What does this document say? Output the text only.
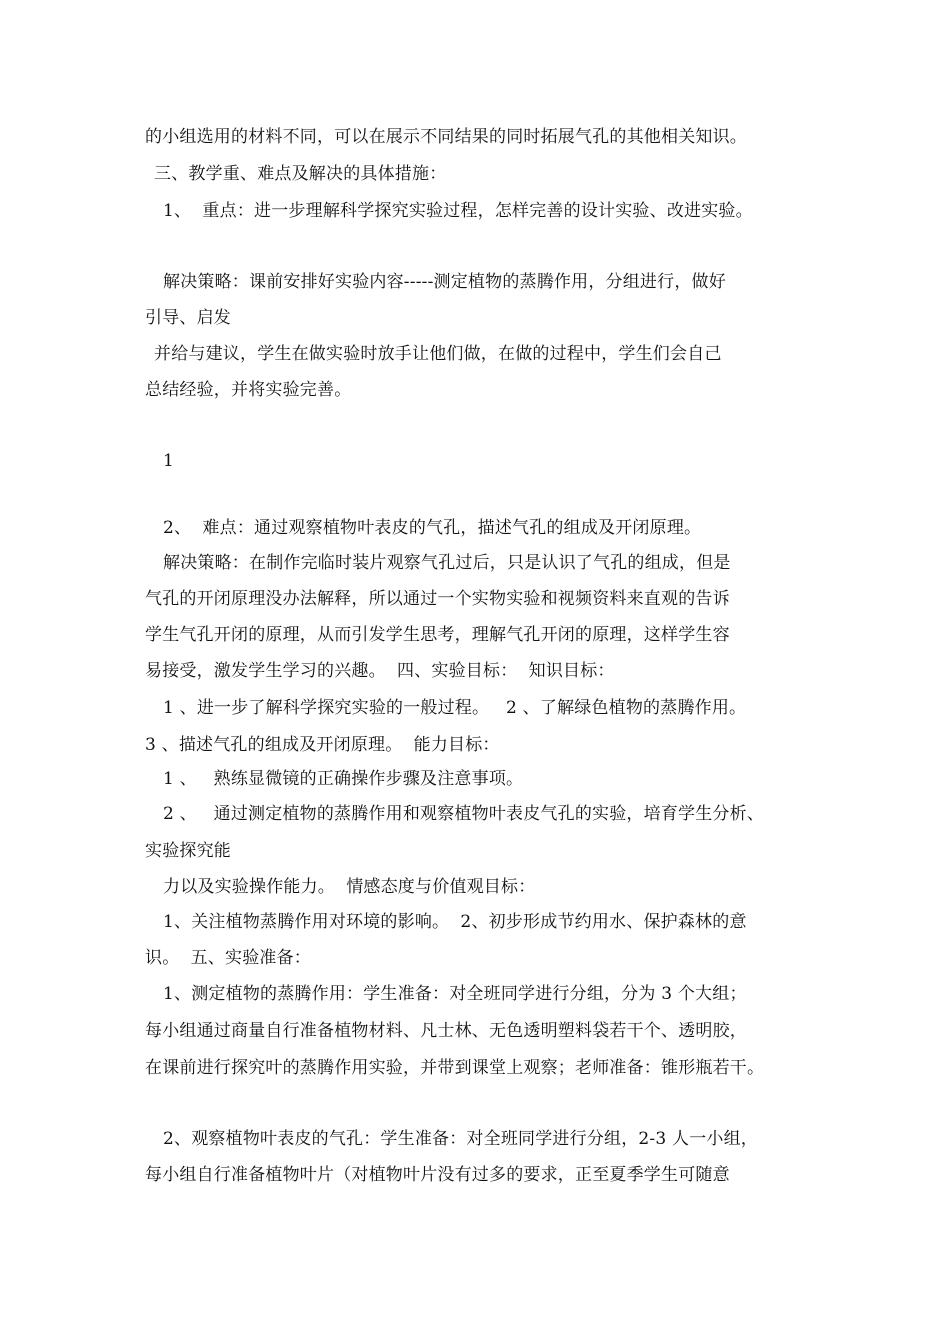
的小组选用的材料不同，可以在展示不同结果的同时拓展气孔的其他相关知识。
三、教学重、难点及解决的具体措施：
1、  重点：进一步理解科学探究实验过程，怎样完善的设计实验、改进实验。
解决策略：课前安排好实验内容-----测定植物的蒸腾作用，分组进行，做好
引导、启发
并给与建议，学生在做实验时放手让他们做，在做的过程中，学生们会自己
总结经验，并将实验完善。
1
2、  难点：通过观察植物叶表皮的气孔，描述气孔的组成及开闭原理。
解决策略：在制作完临时装片观察气孔过后，只是认识了气孔的组成，但是
气孔的开闭原理没办法解释，所以通过一个实物实验和视频资料来直观的告诉
学生气孔开闭的原理，从而引发学生思考，理解气孔开闭的原理，这样学生容
易接受，激发学生学习的兴趣。  四、实验目标：  知识目标：
1 、进一步了解科学探究实验的一般过程。   2 、了解绿色植物的蒸腾作用。
3 、描述气孔的组成及开闭原理。  能力目标：
1 、   熟练显微镜的正确操作步骤及注意事项。
2 、   通过测定植物的蒸腾作用和观察植物叶表皮气孔的实验，培育学生分析、
实验探究能
力以及实验操作能力。  情感态度与价值观目标：
1、关注植物蒸腾作用对环境的影响。  2、初步形成节约用水、保护森林的意
识。  五、实验准备：
1、测定植物的蒸腾作用：学生准备：对全班同学进行分组，分为 3 个大组；
每小组通过商量自行准备植物材料、凡士林、无色透明塑料袋若干个、透明胶，
在课前进行探究叶的蒸腾作用实验，并带到课堂上观察；老师准备：锥形瓶若干。
2、观察植物叶表皮的气孔：学生准备：对全班同学进行分组，2-3 人一小组，
每小组自行准备植物叶片（对植物叶片没有过多的要求，正至夏季学生可随意
